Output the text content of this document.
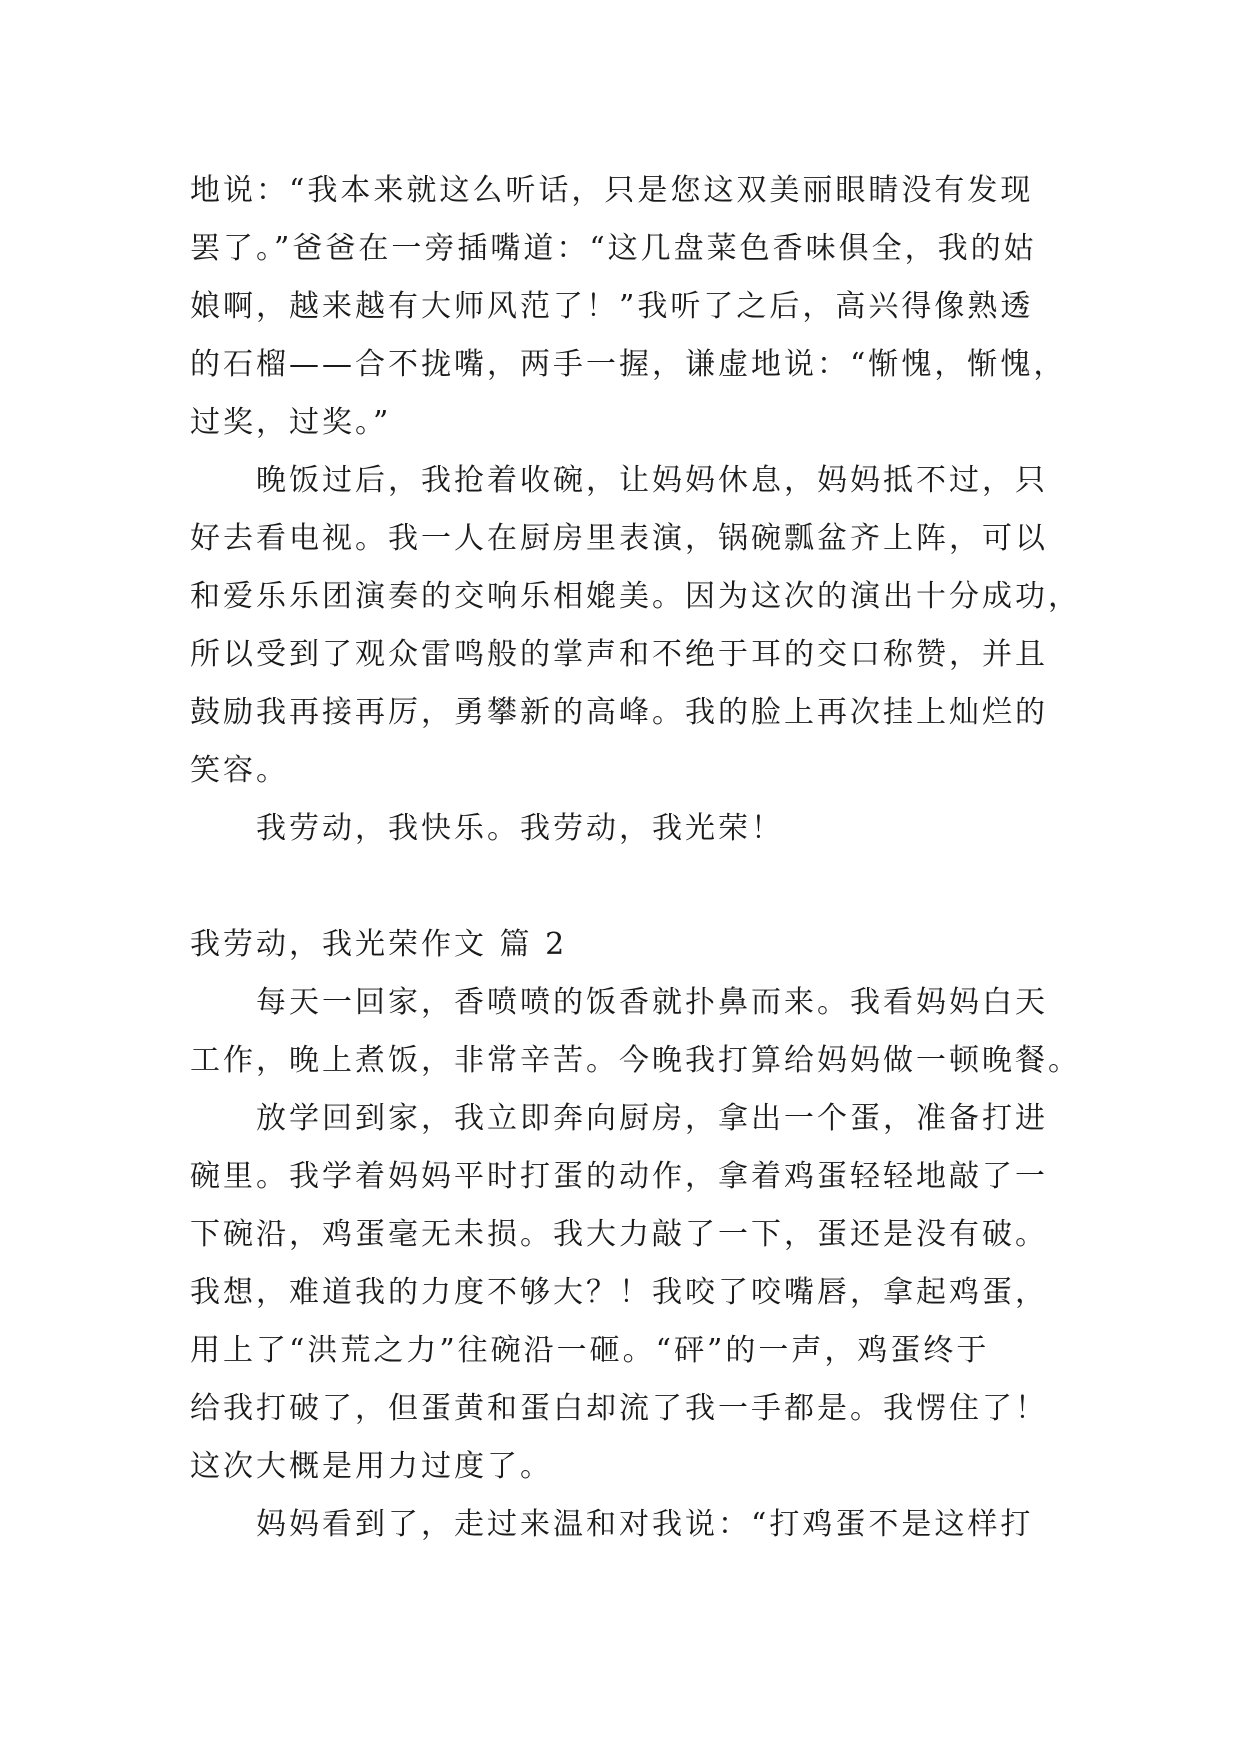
地说：“我本来就这么听话，只是您这双美丽眼睛没有发现
罢了。”爸爸在一旁插嘴道：“这几盘菜色香味俱全，我的姑
娘啊，越来越有大师风范了！”我听了之后，高兴得像熟透
的石榴——合不拢嘴，两手一握，谦虚地说：“惭愧，惭愧，
过奖，过奖。”
晚饭过后，我抢着收碗，让妈妈休息，妈妈抵不过，只
好去看电视。我一人在厨房里表演，锅碗瓢盆齐上阵，可以
和爱乐乐团演奏的交响乐相媲美。因为这次的演出十分成功，
所以受到了观众雷鸣般的掌声和不绝于耳的交口称赞，并且
鼓励我再接再厉，勇攀新的高峰。我的脸上再次挂上灿烂的
笑容。
我劳动，我快乐。我劳动，我光荣！
我劳动，我光荣作文 篇 2
每天一回家，香喷喷的饭香就扑鼻而来。我看妈妈白天
工作，晚上煮饭，非常辛苦。今晚我打算给妈妈做一顿晚餐。
放学回到家，我立即奔向厨房，拿出一个蛋，准备打进
碗里。我学着妈妈平时打蛋的动作，拿着鸡蛋轻轻地敲了一
下碗沿，鸡蛋毫无未损。我大力敲了一下，蛋还是没有破。
我想，难道我的力度不够大？！我咬了咬嘴唇，拿起鸡蛋，
用上了“洪荒之力”往碗沿一砸。“砰”的一声，鸡蛋终于
给我打破了，但蛋黄和蛋白却流了我一手都是。我愣住了！
这次大概是用力过度了。
妈妈看到了，走过来温和对我说：“打鸡蛋不是这样打
